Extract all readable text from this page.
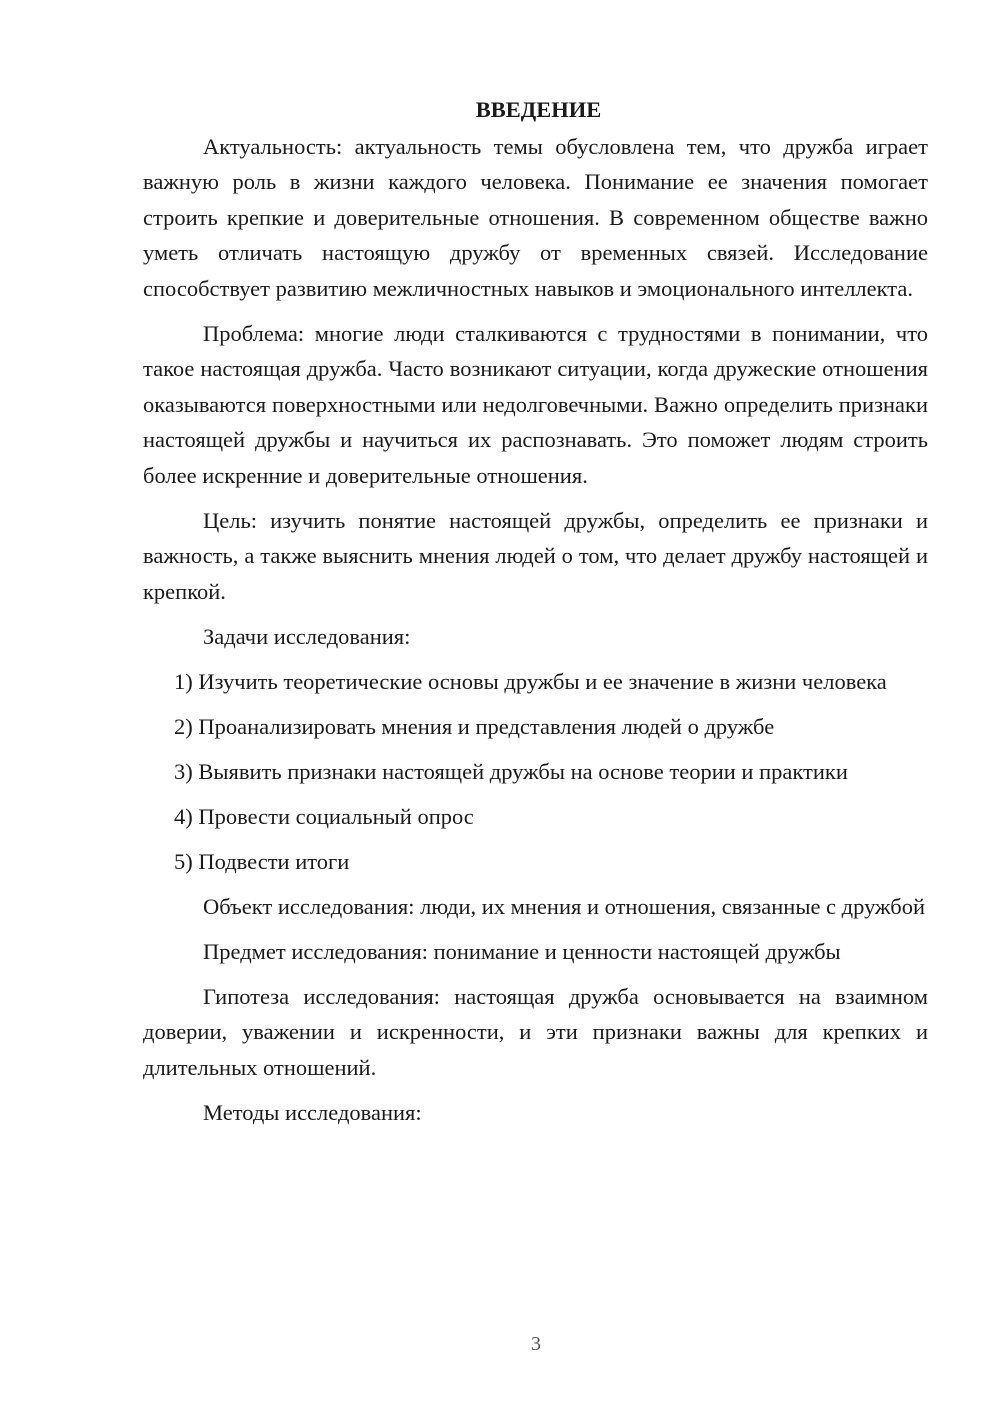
ВВЕДЕНИЕ

Актуальность: актуальность темы обусловлена тем, что дружба играет важную роль в жизни каждого человека. Понимание ее значения помогает строить крепкие и доверительные отношения. В современном обществе важно уметь отличать настоящую дружбу от временных связей. Исследование способствует развитию межличностных навыков и эмоционального интеллекта.

Проблема: многие люди сталкиваются с трудностями в понимании, что такое настоящая дружба. Часто возникают ситуации, когда дружеские отношения оказываются поверхностными или недолговечными. Важно определить признаки настоящей дружбы и научиться их распознавать. Это поможет людям строить более искренние и доверительные отношения.

Цель: изучить понятие настоящей дружбы, определить ее признаки и важность, а также выяснить мнения людей о том, что делает дружбу настоящей и крепкой.

Задачи исследования:

1) Изучить теоретические основы дружбы и ее значение в жизни человека

2) Проанализировать мнения и представления людей о дружбе

3) Выявить признаки настоящей дружбы на основе теории и практики

4) Провести социальный опрос

5) Подвести итоги

Объект исследования: люди, их мнения и отношения, связанные с дружбой

Предмет исследования: понимание и ценности настоящей дружбы

Гипотеза исследования: настоящая дружба основывается на взаимном доверии, уважении и искренности, и эти признаки важны для крепких и длительных отношений.

Методы исследования:

3
